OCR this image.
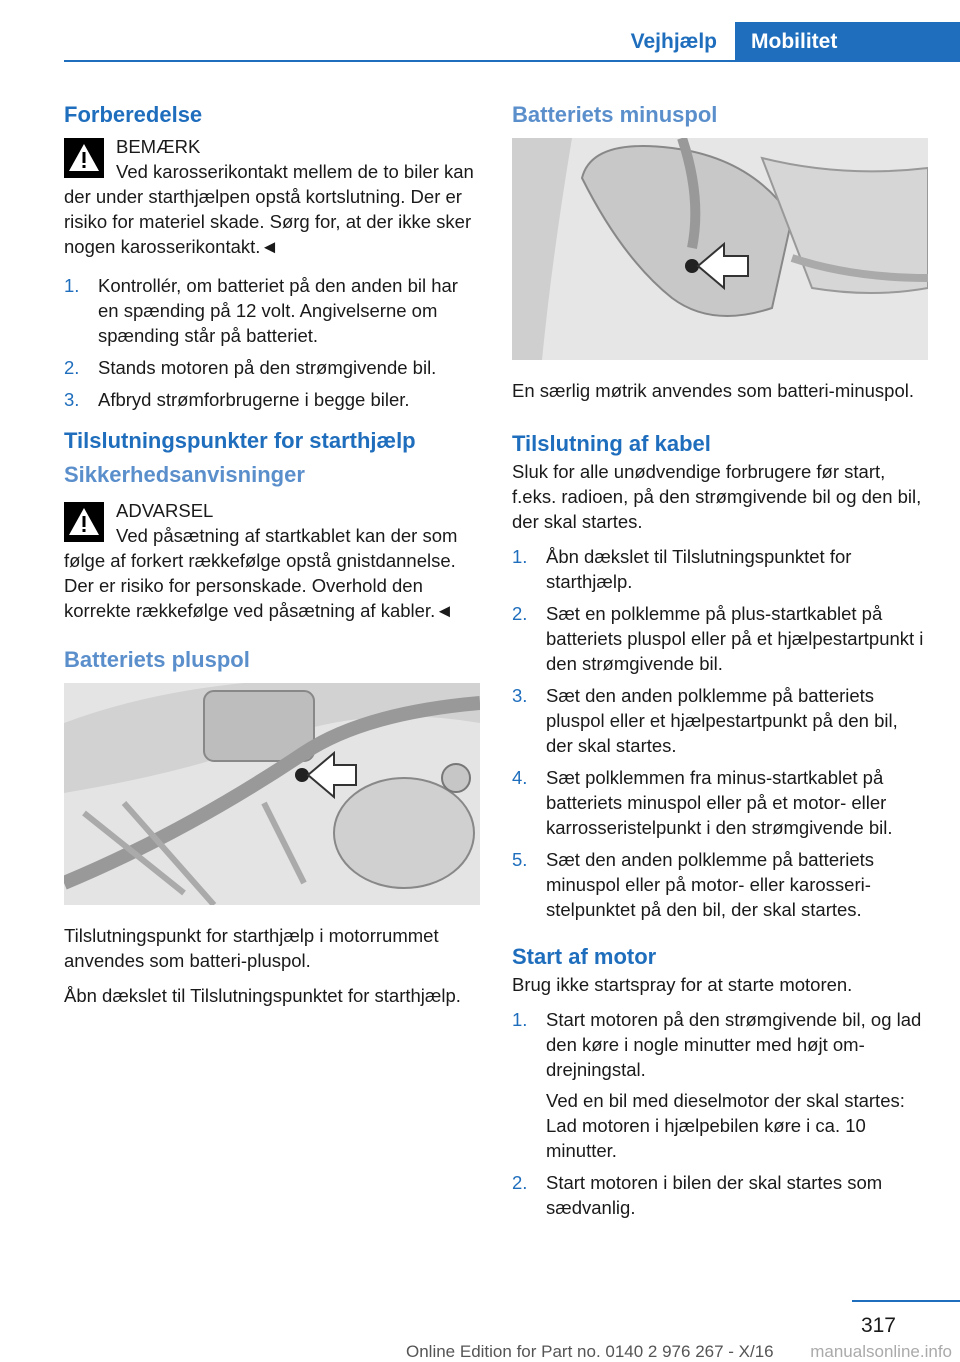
Vejhjælp	Mobilitet
Forberedelse
BEMÆRK
Ved karosserikontakt mellem de to biler kan der under starthjælpen opstå kortslutning. Der er risiko for materiel skade. Sørg for, at der ikke sker nogen karosserikontakt.◄
1. Kontrollér, om batteriet på den anden bil har en spænding på 12 volt. Angivelserne om spænding står på batteriet.
2. Stands motoren på den strømgivende bil.
3. Afbryd strømforbrugerne i begge biler.
Tilslutningspunkter for starthjælp
Sikkerhedsanvisninger
ADVARSEL
Ved påsætning af startkablet kan der som følge af forkert rækkefølge opstå gnistdannelse. Der er risiko for personskade. Overhold den korrekte rækkefølge ved påsætning af kabler.◄
Batteriets pluspol

Tilslutningspunkt for starthjælp i motorrummet anvendes som batteri-pluspol.

Åbn dækslet til Tilslutningspunktet for starthjælp.

Batteriets minuspol

En særlig møtrik anvendes som batteri-minuspol.

Tilslutning af kabel

Sluk for alle unødvendige forbrugere før start, f.eks. radioen, på den strømgivende bil og den bil, der skal startes.

1. Åbn dækslet til Tilslutningspunktet for starthjælp.
2. Sæt en polklemme på plus-startkablet på batteriets pluspol eller på et hjælpestartpunkt i den strømgivende bil.
3. Sæt den anden polklemme på batteriets pluspol eller et hjælpestartpunkt på den bil, der skal startes.
4. Sæt polklemmen fra minus-startkablet på batteriets minuspol eller på et motor- eller karrosseristelpunkt i den strømgivende bil.
5. Sæt den anden polklemme på batteriets minuspol eller på motor- eller karosseristelpunktet på den bil, der skal startes.
Start af motor

Brug ikke startspray for at starte motoren.

1. Start motoren på den strømgivende bil, og lad den køre i nogle minutter med højt omdrejningstal.
Ved en bil med dieselmotor der skal startes: Lad motoren i hjælpebilen køre i ca. 10 minutter.
2. Start motoren i bilen der skal startes som sædvanlig.
317
Online Edition for Part no. 0140 2 976 267 - X/16 manualsonline.info
